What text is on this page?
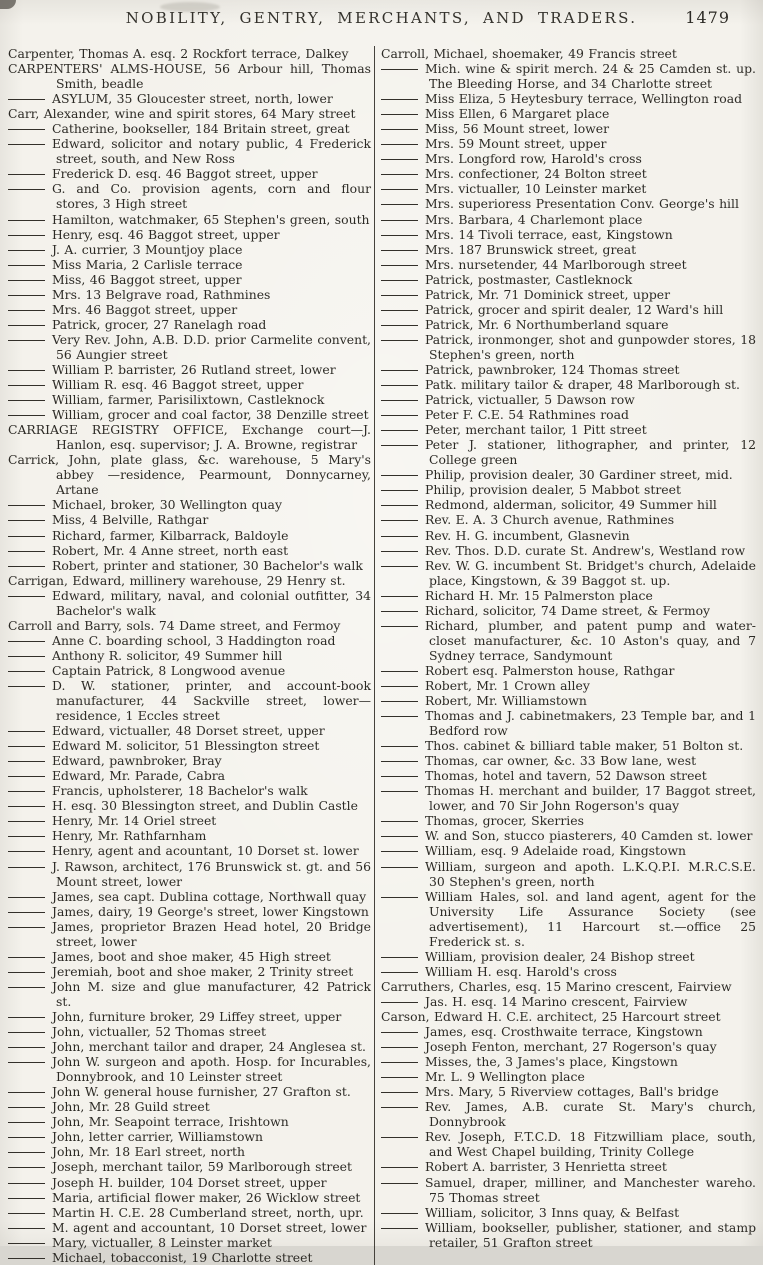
NOBILITY, GENTRY, MERCHANTS, AND TRADERS.	1479
Carpenter, Thomas A. esq. 2 Rockfort terrace, Dalkey
CARPENTERS' ALMS-HOUSE, 56 Arbour hill, Thomas Smith, beadle
ASYLUM, 35 Gloucester street, north, lower
Carr, Alexander, wine and spirit stores, 64 Mary street
Catherine, bookseller, 184 Britain street, great
Edward, solicitor and notary public, 4 Frederick street, south, and New Ross
Frederick D. esq. 46 Baggot street, upper
G. and Co. provision agents, corn and flour stores, 3 High street
Hamilton, watchmaker, 65 Stephen's green, south
Henry, esq. 46 Baggot street, upper
J. A. currier, 3 Mountjoy place
Miss Maria, 2 Carlisle terrace
Miss, 46 Baggot street, upper
Mrs. 13 Belgrave road, Rathmines
Mrs. 46 Baggot street, upper
Patrick, grocer, 27 Ranelagh road
Very Rev. John, A.B. D.D. prior Carmelite convent, 56 Aungier street
William P. barrister, 26 Rutland street, lower
William R. esq. 46 Baggot street, upper
William, farmer, Parisilixtown, Castleknock
William, grocer and coal factor, 38 Denzille street
CARRIAGE REGISTRY OFFICE, Exchange court—J. Hanlon, esq. supervisor; J. A. Browne, registrar
Carrick, John, plate glass, &c. warehouse, 5 Mary's abbey —residence, Pearmount, Donnycarney, Artane
Michael, broker, 30 Wellington quay
Miss, 4 Belville, Rathgar
Richard, farmer, Kilbarrack, Baldoyle
Robert, Mr. 4 Anne street, north east
Robert, printer and stationer, 30 Bachelor's walk
Carrigan, Edward, millinery warehouse, 29 Henry st.
Edward, military, naval, and colonial outfitter, 34 Bachelor's walk
Carroll and Barry, sols. 74 Dame street, and Fermoy
Anne C. boarding school, 3 Haddington road
Anthony R. solicitor, 49 Summer hill
Captain Patrick, 8 Longwood avenue
D. W. stationer, printer, and account-book manufacturer, 44 Sackville street, lower—residence, 1 Eccles street
Edward, victualler, 48 Dorset street, upper
Edward M. solicitor, 51 Blessington street
Edward, pawnbroker, Bray
Edward, Mr. Parade, Cabra
Francis, upholsterer, 18 Bachelor's walk
H. esq. 30 Blessington street, and Dublin Castle
Henry, Mr. 14 Oriel street
Henry, Mr. Rathfarnham
Henry, agent and acountant, 10 Dorset st. lower
J. Rawson, architect, 176 Brunswick st. gt. and 56 Mount street, lower
James, sea capt. Dublina cottage, Northwall quay
James, dairy, 19 George's street, lower Kingstown
James, proprietor Brazen Head hotel, 20 Bridge street, lower
James, boot and shoe maker, 45 High street
Jeremiah, boot and shoe maker, 2 Trinity street
John M. size and glue manufacturer, 42 Patrick st.
John, furniture broker, 29 Liffey street, upper
John, victualler, 52 Thomas street
John, merchant tailor and draper, 24 Anglesea st.
John W. surgeon and apoth. Hosp. for Incurables, Donnybrook, and 10 Leinster street
John W. general house furnisher, 27 Grafton st.
John, Mr. 28 Guild street
John, Mr. Seapoint terrace, Irishtown
John, letter carrier, Williamstown
John, Mr. 18 Earl street, north
Joseph, merchant tailor, 59 Marlborough street
Joseph H. builder, 104 Dorset street, upper
Maria, artificial flower maker, 26 Wicklow street
Martin H. C.E. 28 Cumberland street, north, upr.
M. agent and accountant, 10 Dorset street, lower
Mary, victualler, 8 Leinster market
Michael, tobacconist, 19 Charlotte street
Carroll, Michael, shoemaker, 49 Francis street
Mich. wine & spirit merch. 24 & 25 Camden st. up. The Bleeding Horse, and 34 Charlotte street
Miss Eliza, 5 Heytesbury terrace, Wellington road
Miss Ellen, 6 Margaret place
Miss, 56 Mount street, lower
Mrs. 59 Mount street, upper
Mrs. Longford row, Harold's cross
Mrs. confectioner, 24 Bolton street
Mrs. victualler, 10 Leinster market
Mrs. superioress Presentation Conv. George's hill
Mrs. Barbara, 4 Charlemont place
Mrs. 14 Tivoli terrace, east, Kingstown
Mrs. 187 Brunswick street, great
Mrs. nursetender, 44 Marlborough street
Patrick, postmaster, Castleknock
Patrick, Mr. 71 Dominick street, upper
Patrick, grocer and spirit dealer, 12 Ward's hill
Patrick, Mr. 6 Northumberland square
Patrick, ironmonger, shot and gunpowder stores, 18 Stephen's green, north
Patrick, pawnbroker, 124 Thomas street
Patk. military tailor & draper, 48 Marlborough st.
Patrick, victualler, 5 Dawson row
Peter F. C.E. 54 Rathmines road
Peter, merchant tailor, 1 Pitt street
Peter J. stationer, lithographer, and printer, 12 College green
Philip, provision dealer, 30 Gardiner street, mid.
Philip, provision dealer, 5 Mabbot street
Redmond, alderman, solicitor, 49 Summer hill
Rev. E. A. 3 Church avenue, Rathmines
Rev. H. G. incumbent, Glasnevin
Rev. Thos. D.D. curate St. Andrew's, Westland row
Rev. W. G. incumbent St. Bridget's church, Adelaide place, Kingstown, & 39 Baggot st. up.
Richard H. Mr. 15 Palmerston place
Richard, solicitor, 74 Dame street, & Fermoy
Richard, plumber, and patent pump and water-closet manufacturer, &c. 10 Aston's quay, and 7 Sydney terrace, Sandymount
Robert esq. Palmerston house, Rathgar
Robert, Mr. 1 Crown alley
Robert, Mr. Williamstown
Thomas and J. cabinetmakers, 23 Temple bar, and 1 Bedford row
Thos. cabinet & billiard table maker, 51 Bolton st.
Thomas, car owner, &c. 33 Bow lane, west
Thomas, hotel and tavern, 52 Dawson street
Thomas H. merchant and builder, 17 Baggot street, lower, and 70 Sir John Rogerson's quay
Thomas, grocer, Skerries
W. and Son, stucco piasterers, 40 Camden st. lower
William, esq. 9 Adelaide road, Kingstown
William, surgeon and apoth. L.K.Q.P.I. M.R.C.S.E. 30 Stephen's green, north
William Hales, sol. and land agent, agent for the University Life Assurance Society (see advertisement), 11 Harcourt st.—office 25 Frederick st. s.
William, provision dealer, 24 Bishop street
William H. esq. Harold's cross
Carruthers, Charles, esq. 15 Marino crescent, Fairview
Jas. H. esq. 14 Marino crescent, Fairview
Carson, Edward H. C.E. architect, 25 Harcourt street
James, esq. Crosthwaite terrace, Kingstown
Joseph Fenton, merchant, 27 Rogerson's quay
Misses, the, 3 James's place, Kingstown
Mr. L. 9 Wellington place
Mrs. Mary, 5 Riverview cottages, Ball's bridge
Rev. James, A.B. curate St. Mary's church, Donnybrook
Rev. Joseph, F.T.C.D. 18 Fitzwilliam place, south, and West Chapel building, Trinity College
Robert A. barrister, 3 Henrietta street
Samuel, draper, milliner, and Manchester wareho. 75 Thomas street
William, solicitor, 3 Inns quay, & Belfast
William, bookseller, publisher, stationer, and stamp retailer, 51 Grafton street
